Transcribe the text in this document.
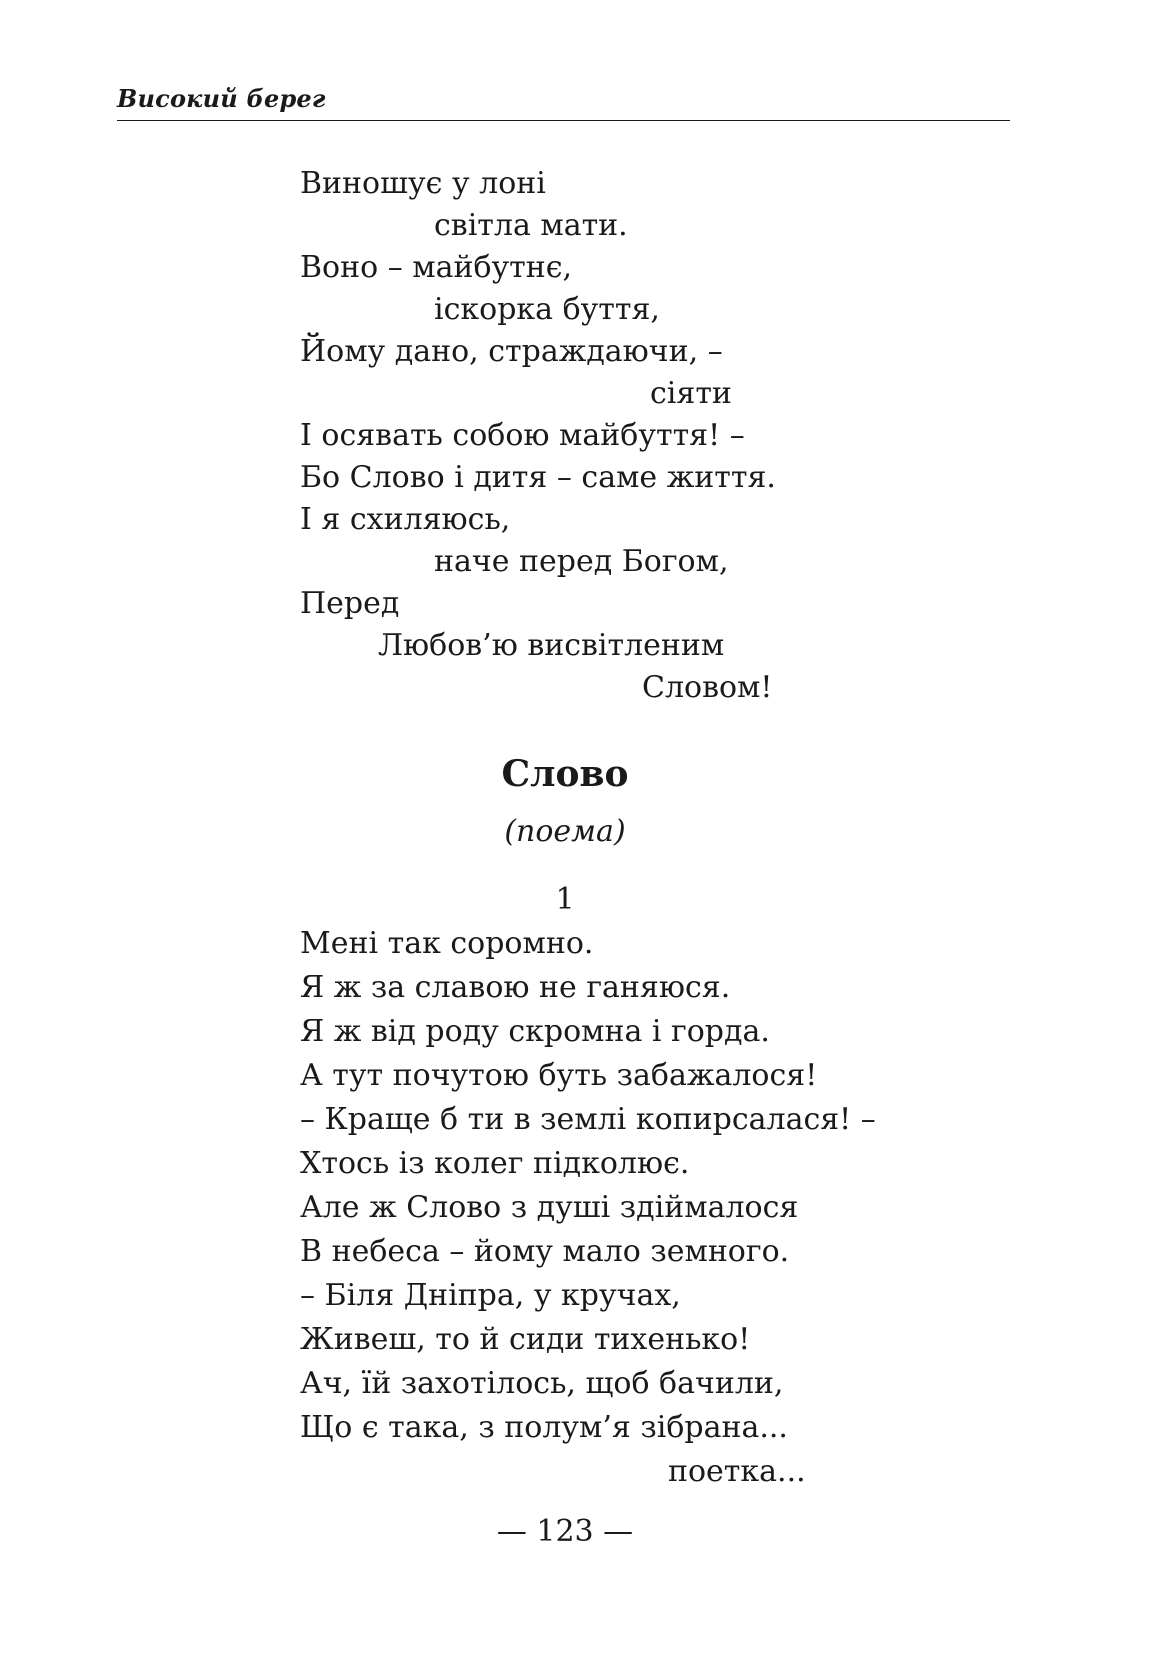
Високий берег
Виношує у лоні
світла мати.
Воно – майбутнє,
іскорка буття,
Йому дано, страждаючи, –
сіяти
І осявать собою майбуття! –
Бо Слово і дитя – саме життя.
І я схиляюсь,
наче перед Богом,
Перед
Любов’ю висвітленим
Словом!
Слово
(поема)
1
Мені так соромно.
Я ж за славою не ганяюся.
Я ж від роду скромна і горда.
А тут почутою буть забажалося!
– Краще б ти в землі копирсалася! –
Хтось із колег підколює.
Але ж Слово з душі здіймалося
В небеса – йому мало земного.
– Біля Дніпра, у кручах,
Живеш, то й сиди тихенько!
Ач, їй захотілось, щоб бачили,
Що є така, з полум’я зібрана...
поетка...
— 123 —
